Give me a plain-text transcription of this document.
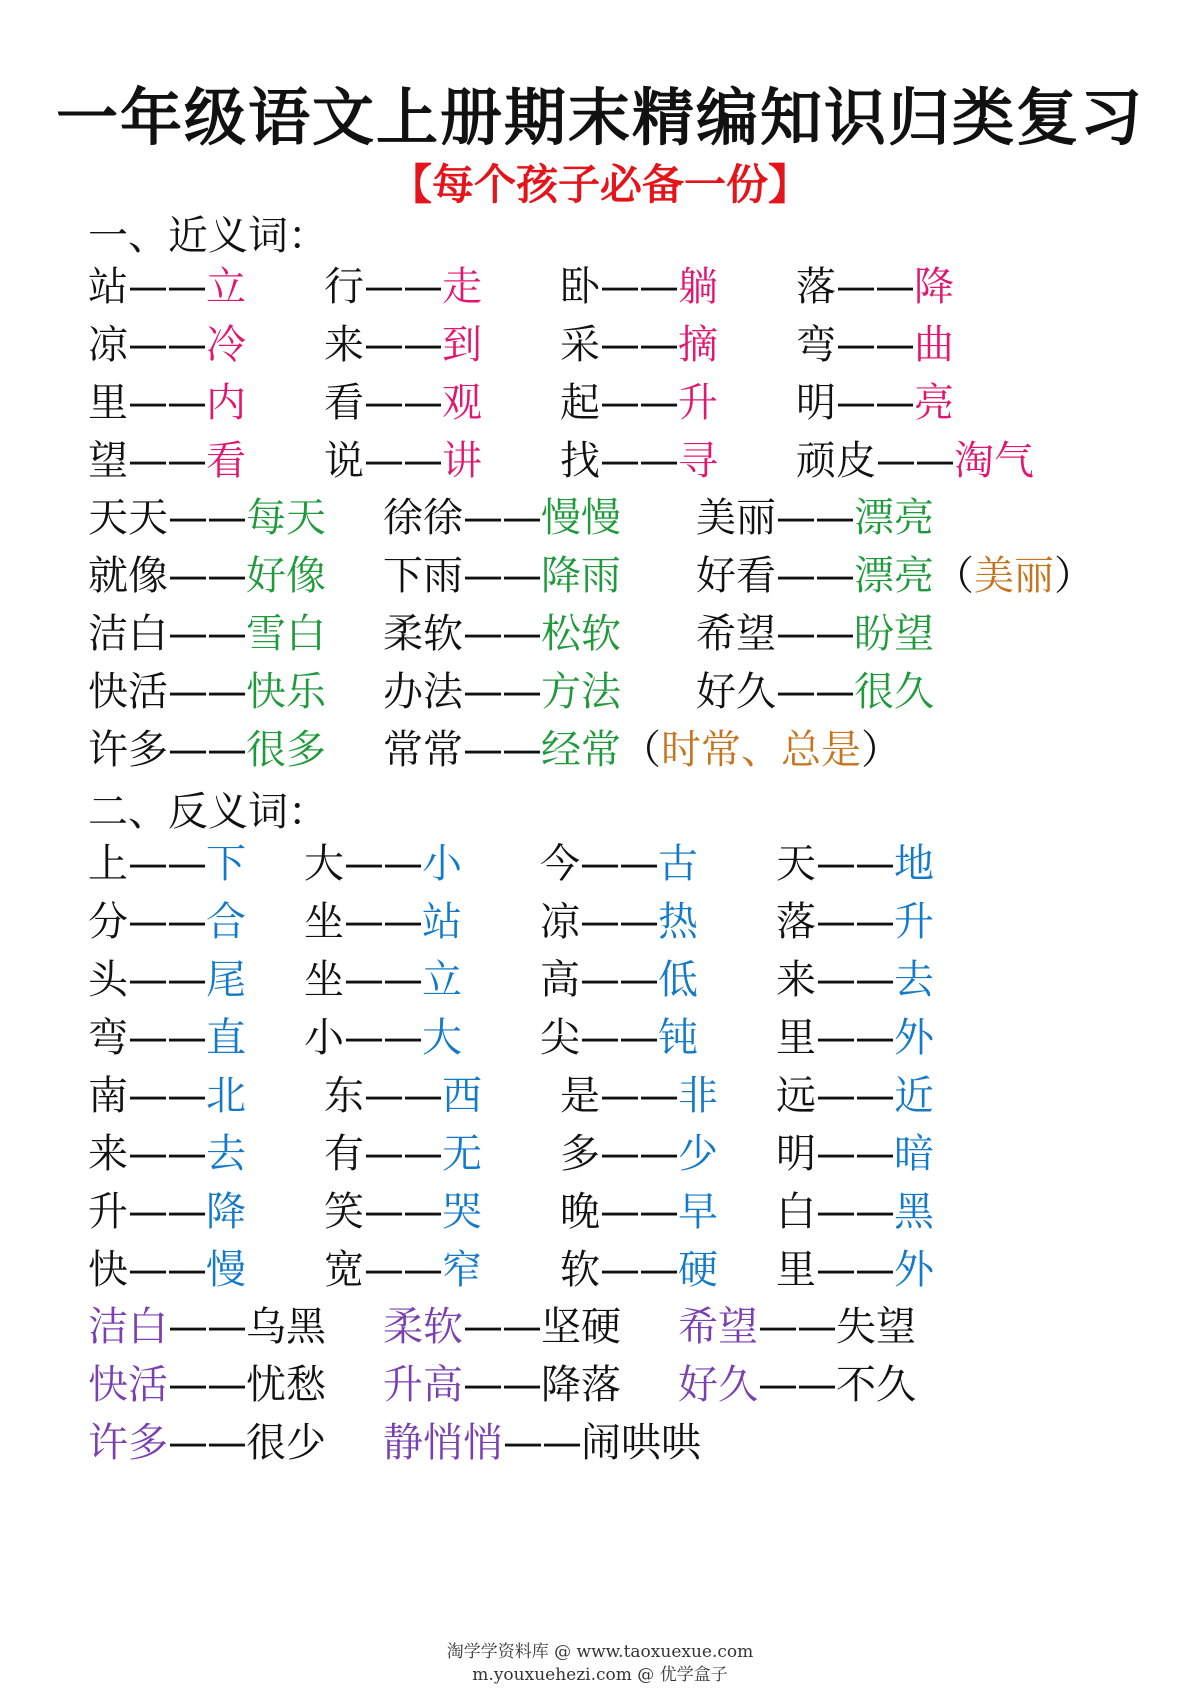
一年级语文上册期末精编知识归类复习
【每个孩子必备一份】
一、近义词：
站——立 行——走 卧——躺 落——降
凉——冷 来——到 采——摘 弯——曲
里——内 看——观 起——升 明——亮
望——看 说——讲 找——寻 顽皮——淘气
天天——每天 徐徐——慢慢 美丽——漂亮
就像——好像 下雨——降雨 好看——漂亮（美丽）
洁白——雪白 柔软——松软 希望——盼望
快活——快乐 办法——方法 好久——很久
许多——很多 常常——经常（时常、总是）
二、反义词：
上——下 大——小 今——古 天——地
分——合 坐——站 凉——热 落——升
头——尾 坐——立 高——低 来——去
弯——直 小——大 尖——钝 里——外
南——北 东——西 是——非 远——近
来——去 有——无 多——少 明——暗
升——降 笑——哭 晚——早 白——黑
快——慢 宽——窄 软——硬 里——外
洁白——乌黑 柔软——坚硬 希望——失望
快活——忧愁 升高——降落 好久——不久
许多——很少 静悄悄——闹哄哄
淘学学资料库 @ www.taoxuexue.com
m.youxuehezi.com @ 优学盒子
